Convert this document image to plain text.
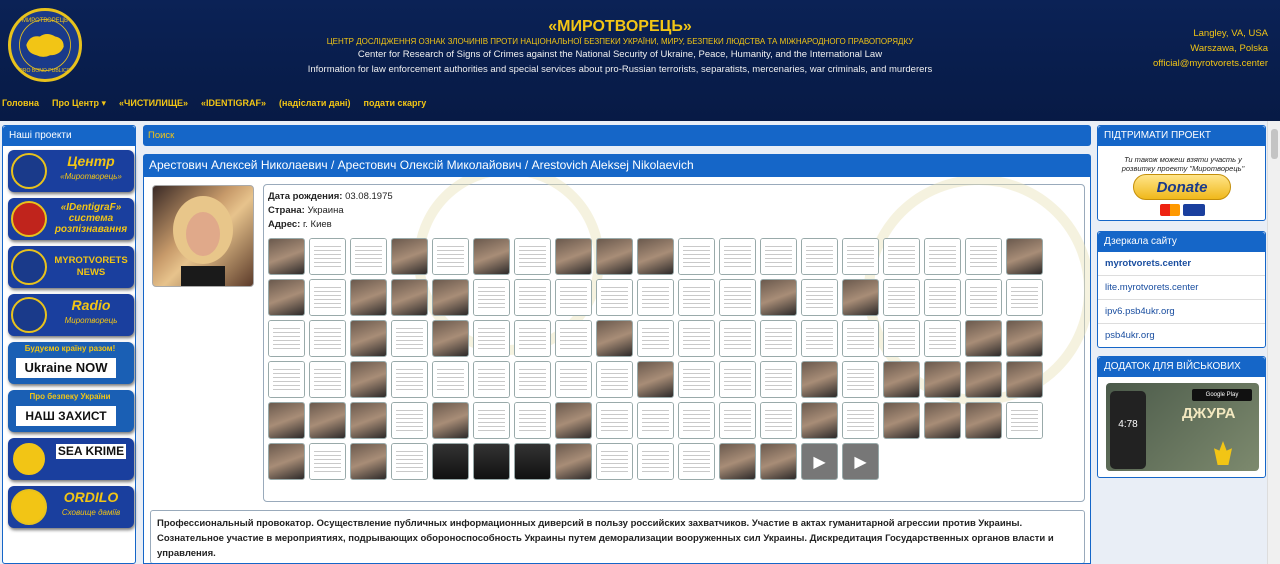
МИРОТВОРЕЦЬ
PRO BONO PUBLICO
«МИРОТВОРЕЦЬ»
ЦЕНТР ДОСЛІДЖЕННЯ ОЗНАК ЗЛОЧИНІВ ПРОТИ НАЦІОНАЛЬНОЇ БЕЗПЕКИ УКРАЇНИ, МИРУ, БЕЗПЕКИ ЛЮДСТВА ТА МІЖНАРОДНОГО ПРАВОПОРЯДКУ
Center for Research of Signs of Crimes against the National Security of Ukraine, Peace, Humanity, and the International Law
Information for law enforcement authorities and special services about pro-Russian terrorists, separatists, mercenaries, war criminals, and murderers
Langley, VA, USA
Warszawa, Polska
official@myrotvorets.center
Головна Про Центр ▾ «ЧИСТИЛИЩЕ» «IDENTIGRAF» (надіслати дані) подати скаргу
Наші проекти
Центр
«Миротворець»
«IDentigraF» система розпізнавання
MYROTVORETS NEWS
Radio
Миротворець
Будуємо країну разом!
Ukraine NOW
Про безпеку України
НАШ ЗАХИСТ
SEA KRIME
ORDILO
Сховище даміїв
Поиск
Арестович Алексей Николаевич / Арестович Олексій Миколайович / Arestovich Aleksej Nikolaevich
Дата рождения: 03.08.1975
Страна: Украина
Адрес: г. Киев
▶	▶
Профессиональный провокатор. Осуществление публичных информационных диверсий в пользу российских захватчиков. Участие в актах гуманитарной агрессии против Украины. Сознательное участие в мероприятиях, подрывающих обороноспособность Украины путем деморализации вооруженных сил Украины. Дискредитация Государственных органов власти и управления.
ПІДТРИМАТИ ПРОЕКТ
Ти також можеш взяти участь у розвитку проекту "Миротворець"
Donate
Дзеркала сайту
myrotvorets.center
lite.myrotvorets.center
ipv6.psb4ukr.org
psb4ukr.org
ДОДАТОК ДЛЯ ВІЙСЬКОВИХ
4:78
Google Play
ДЖУРА
